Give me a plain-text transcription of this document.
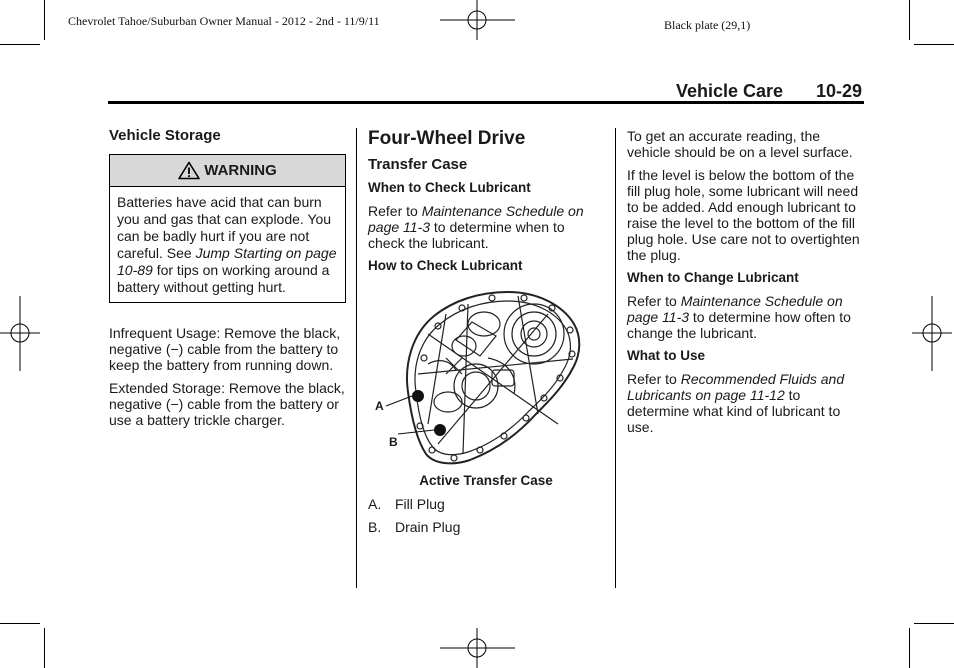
Chevrolet Tahoe/Suburban Owner Manual - 2012 - 2nd - 11/9/11	Black plate (29,1)
Vehicle Care 10-29
Vehicle Storage
WARNING
Batteries have acid that can burn you and gas that can explode. You can be badly hurt if you are not careful. See Jump Starting on page 10-89 for tips on working around a battery without getting hurt.

Infrequent Usage: Remove the black, negative (−) cable from the battery to keep the battery from running down.

Extended Storage: Remove the black, negative (−) cable from the battery or use a battery trickle charger.

Four-Wheel Drive
Transfer Case
When to Check Lubricant

Refer to Maintenance Schedule on page 11-3 to determine when to check the lubricant.

How to Check Lubricant
A
B
Active Transfer Case
A. Fill Plug
B. Drain Plug

To get an accurate reading, the vehicle should be on a level surface.

If the level is below the bottom of the fill plug hole, some lubricant will need to be added. Add enough lubricant to raise the level to the bottom of the fill plug hole. Use care not to overtighten the plug.

When to Change Lubricant

Refer to Maintenance Schedule on page 11-3 to determine how often to change the lubricant.

What to Use

Refer to Recommended Fluids and Lubricants on page 11-12 to determine what kind of lubricant to use.
